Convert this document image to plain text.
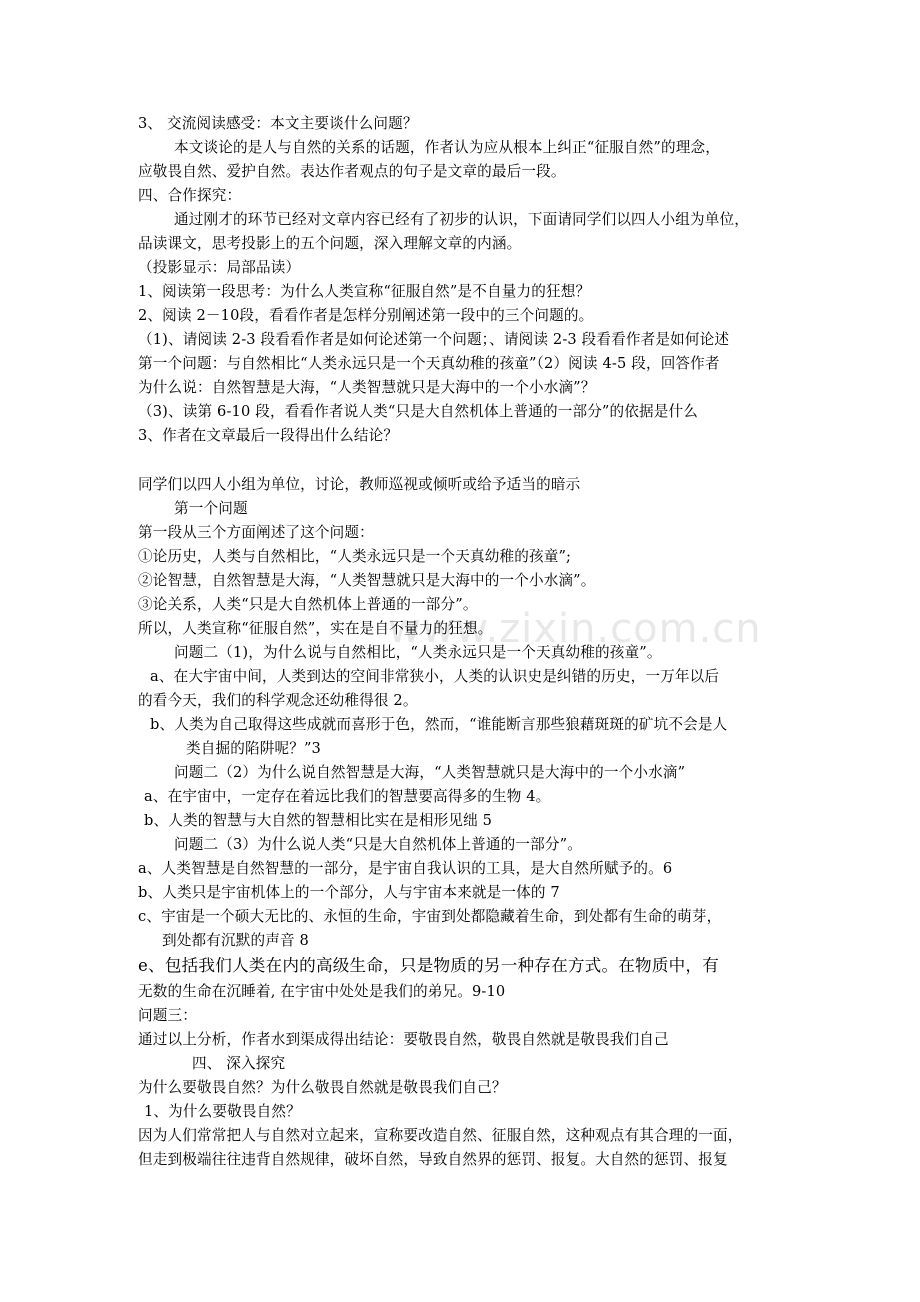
www.zixin.com.cn
3、 交流阅读感受：本文主要谈什么问题？
本文谈论的是人与自然的关系的话题，作者认为应从根本上纠正“征服自然”的理念，
应敬畏自然、爱护自然。表达作者观点的句子是文章的最后一段。
四、合作探究：
通过刚才的环节已经对文章内容已经有了初步的认识，下面请同学们以四人小组为单位，
品读课文，思考投影上的五个问题，深入理解文章的内涵。
（投影显示：局部品读）
1、阅读第一段思考：为什么人类宣称“征服自然”是不自量力的狂想？
2、阅读 2－10段，看看作者是怎样分别阐述第一段中的三个问题的。
（1)、请阅读 2-3 段看看作者是如何论述第一个问题；、请阅读 2-3 段看看作者是如何论述
第一个问题：与自然相比“人类永远只是一个天真幼稚的孩童”（2）阅读 4-5 段，回答作者
为什么说：自然智慧是大海，“人类智慧就只是大海中的一个小水滴”？
（3)、读第 6-10 段，看看作者说人类“只是大自然机体上普通的一部分”的依据是什么
3、作者在文章最后一段得出什么结论？
同学们以四人小组为单位，讨论，教师巡视或倾听或给予适当的暗示
第一个问题
第一段从三个方面阐述了这个问题：
①论历史，人类与自然相比，“人类永远只是一个天真幼稚的孩童”;
②论智慧，自然智慧是大海，“人类智慧就只是大海中的一个小水滴”。
③论关系，人类“只是大自然机体上普通的一部分”。
所以，人类宣称“征服自然”，实在是自不量力的狂想。
问题二（1)，为什么说与自然相比，“人类永远只是一个天真幼稚的孩童”。
a、在大宇宙中间，人类到达的空间非常狭小，人类的认识史是纠错的历史，一万年以后
的看今天，我们的科学观念还幼稚得很 2。
b、人类为自己取得这些成就而喜形于色，然而，“谁能断言那些狼藉斑斑的矿坑不会是人
类自掘的陷阱呢？”3
问题二（2）为什么说自然智慧是大海，“人类智慧就只是大海中的一个小水滴”
a、在宇宙中，一定存在着远比我们的智慧要高得多的生物 4。
b、人类的智慧与大自然的智慧相比实在是相形见绌 5
问题二（3）为什么说人类“只是大自然机体上普通的一部分”。
a、人类智慧是自然智慧的一部分，是宇宙自我认识的工具，是大自然所赋予的。6
b、人类只是宇宙机体上的一个部分，人与宇宙本来就是一体的 7
c、宇宙是一个硕大无比的、永恒的生命，宇宙到处都隐藏着生命，到处都有生命的萌芽，
到处都有沉默的声音 8
e、包括我们人类在内的高级生命，只是物质的另一种存在方式。在物质中，有
无数的生命在沉睡着, 在宇宙中处处是我们的弟兄。9-10
问题三：
通过以上分析，作者水到渠成得出结论：要敬畏自然，敬畏自然就是敬畏我们自己
四、 深入探究
为什么要敬畏自然？为什么敬畏自然就是敬畏我们自己？
1、为什么要敬畏自然？
因为人们常常把人与自然对立起来，宣称要改造自然、征服自然，这种观点有其合理的一面，
但走到极端往往违背自然规律，破坏自然，导致自然界的惩罚、报复。大自然的惩罚、报复
